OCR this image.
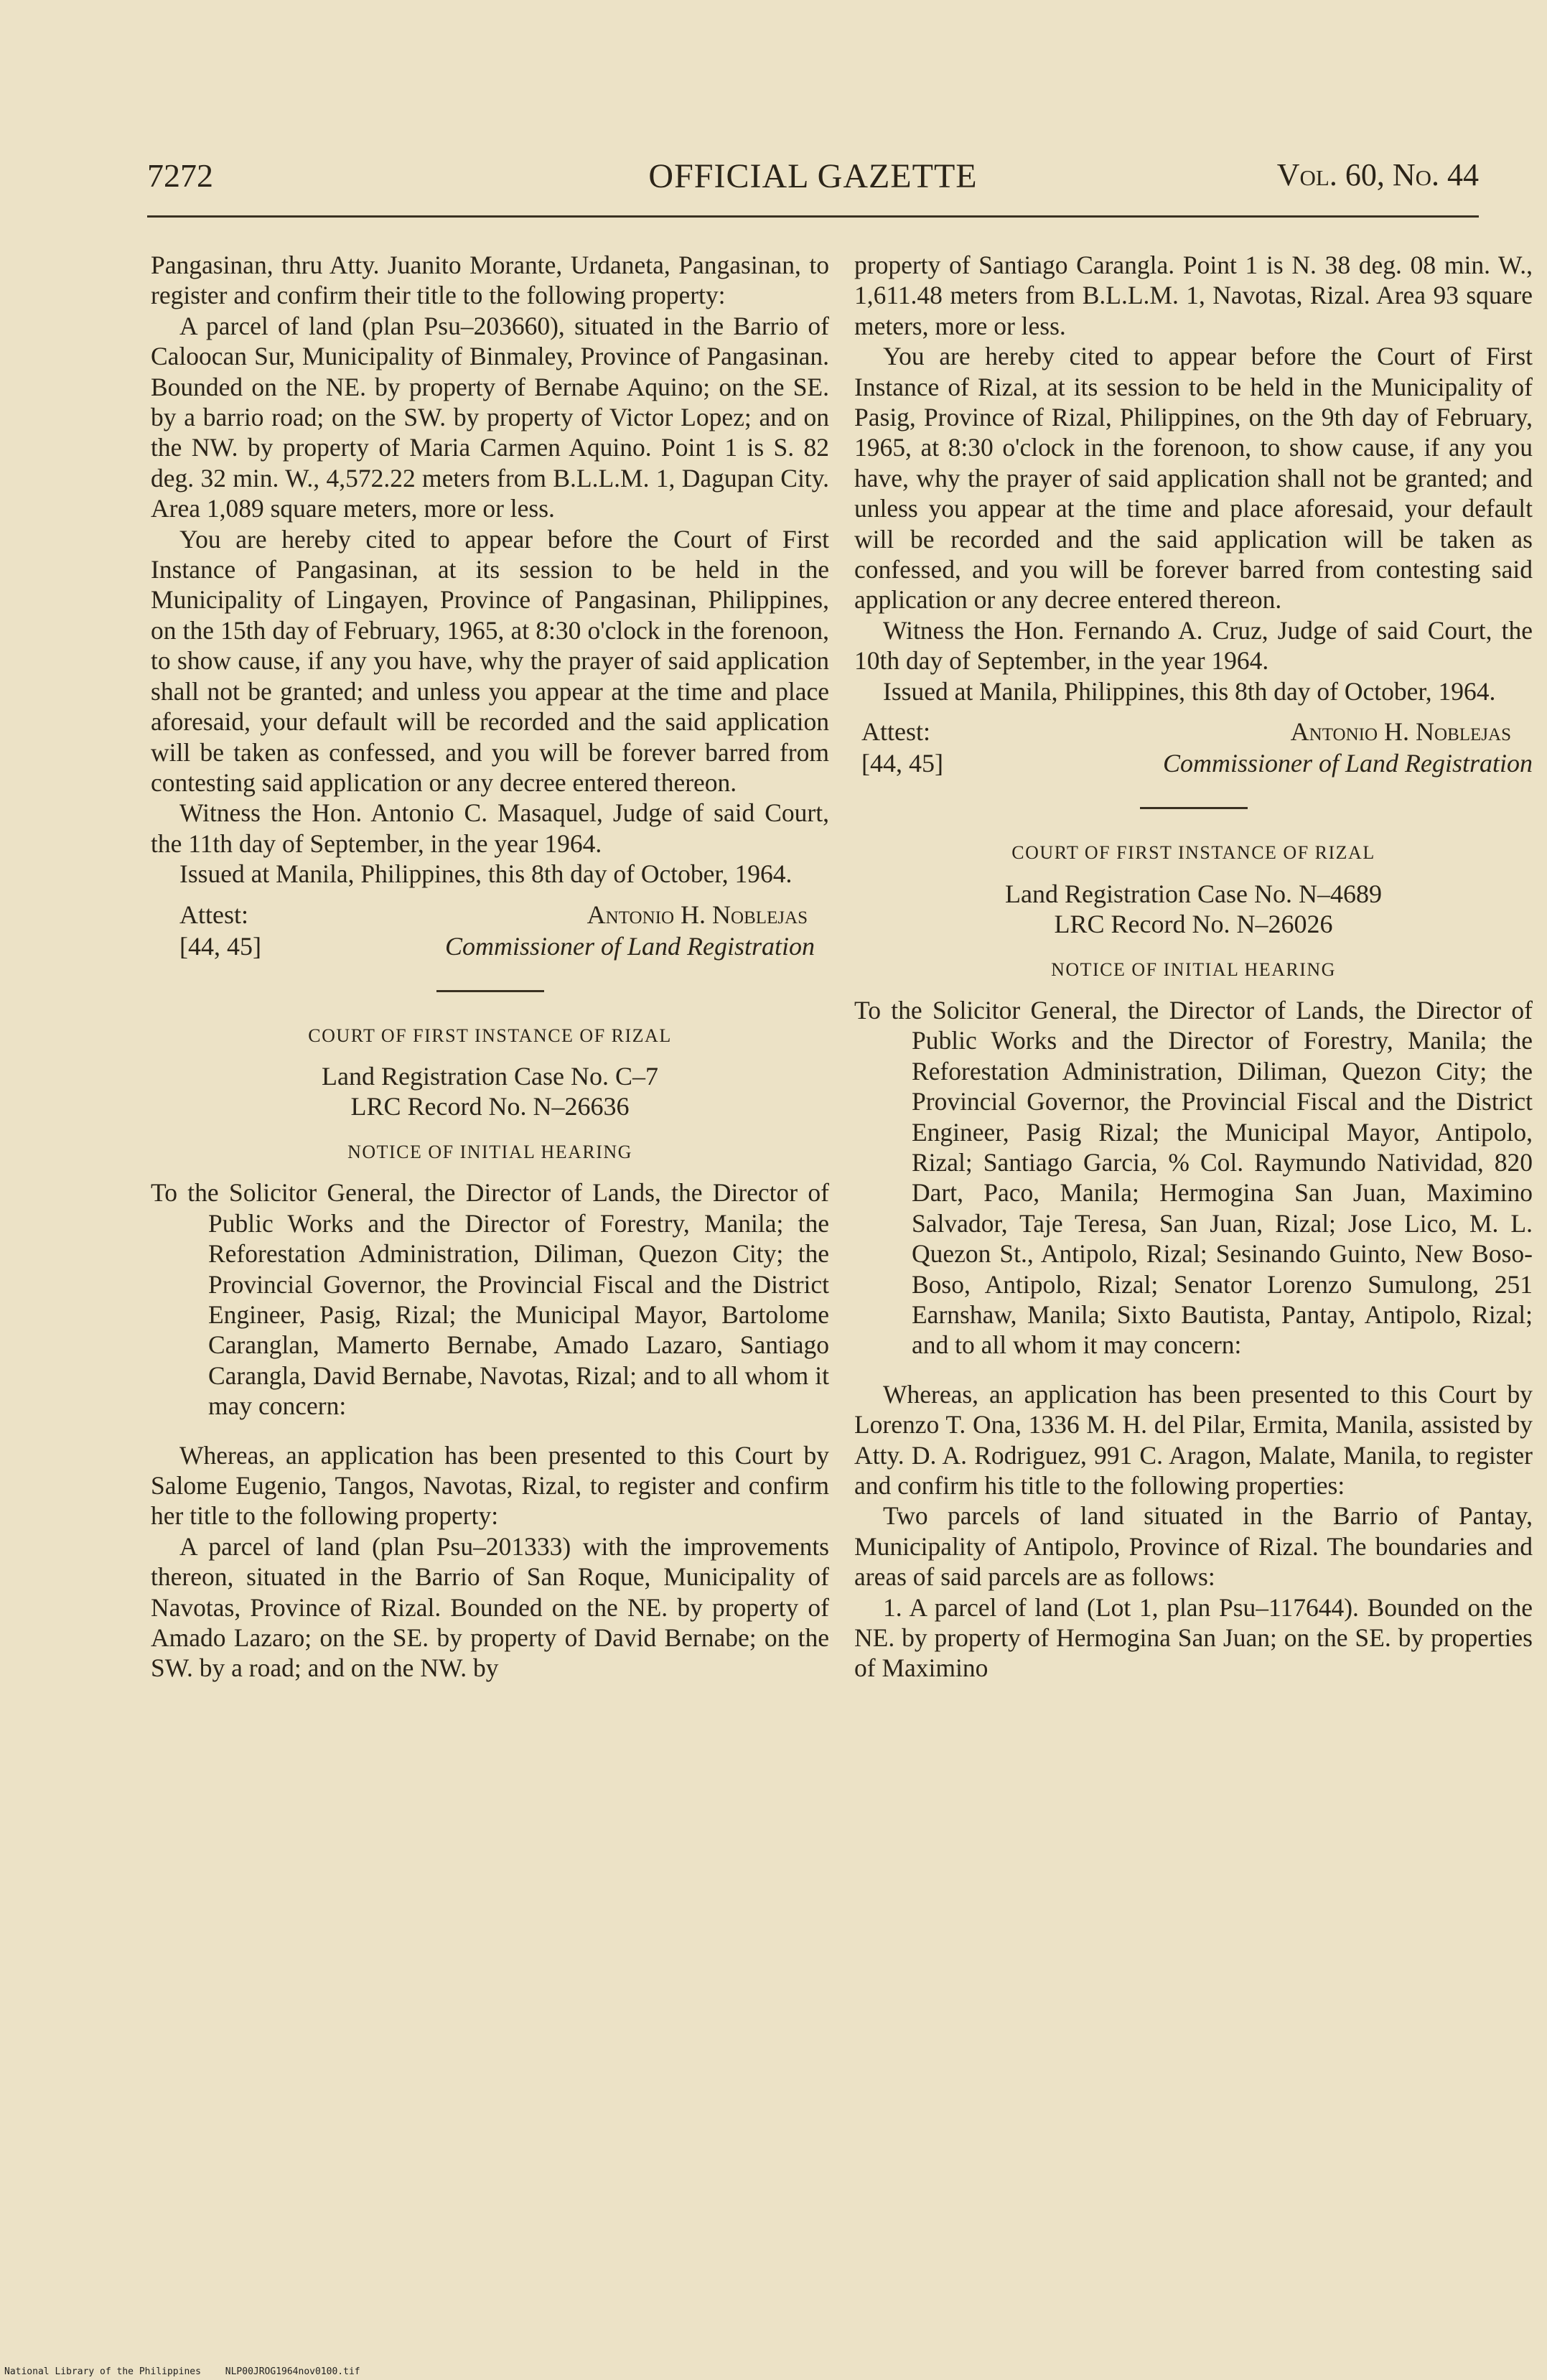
7272	OFFICIAL GAZETTE	Vol. 60, No. 44

Pangasinan, thru Atty. Juanito Morante, Urdaneta, Pangasinan, to register and confirm their title to the following property:

A parcel of land (plan Psu–203660), situated in the Barrio of Caloocan Sur, Municipality of Binmaley, Province of Pangasinan. Bounded on the NE. by property of Bernabe Aquino; on the SE. by a barrio road; on the SW. by property of Victor Lopez; and on the NW. by property of Maria Carmen Aquino. Point 1 is S. 82 deg. 32 min. W., 4,572.22 meters from B.L.L.M. 1, Dagupan City. Area 1,089 square meters, more or less.

You are hereby cited to appear before the Court of First Instance of Pangasinan, at its session to be held in the Municipality of Lingayen, Province of Pangasinan, Philippines, on the 15th day of February, 1965, at 8:30 o'clock in the forenoon, to show cause, if any you have, why the prayer of said application shall not be granted; and unless you appear at the time and place aforesaid, your default will be recorded and the said application will be taken as confessed, and you will be forever barred from contesting said application or any decree entered thereon.

Witness the Hon. Antonio C. Masaquel, Judge of said Court, the 11th day of September, in the year 1964.

Issued at Manila, Philippines, this 8th day of October, 1964.

Attest:
[44, 45]
Antonio H. Noblejas
Commissioner of Land Registration
COURT OF FIRST INSTANCE OF RIZAL
Land Registration Case No. C–7
LRC Record No. N–26636
NOTICE OF INITIAL HEARING

To the Solicitor General, the Director of Lands, the Director of Public Works and the Director of Forestry, Manila; the Reforestation Administration, Diliman, Quezon City; the Provincial Governor, the Provincial Fiscal and the District Engineer, Pasig, Rizal; the Municipal Mayor, Bartolome Caranglan, Mamerto Bernabe, Amado Lazaro, Santiago Carangla, David Bernabe, Navotas, Rizal; and to all whom it may concern:

Whereas, an application has been presented to this Court by Salome Eugenio, Tangos, Navotas, Rizal, to register and confirm her title to the following property:

A parcel of land (plan Psu–201333) with the improvements thereon, situated in the Barrio of San Roque, Municipality of Navotas, Province of Rizal. Bounded on the NE. by property of Amado Lazaro; on the SE. by property of David Bernabe; on the SW. by a road; and on the NW. by

property of Santiago Carangla. Point 1 is N. 38 deg. 08 min. W., 1,611.48 meters from B.L.L.M. 1, Navotas, Rizal. Area 93 square meters, more or less.

You are hereby cited to appear before the Court of First Instance of Rizal, at its session to be held in the Municipality of Pasig, Province of Rizal, Philippines, on the 9th day of February, 1965, at 8:30 o'clock in the forenoon, to show cause, if any you have, why the prayer of said application shall not be granted; and unless you appear at the time and place aforesaid, your default will be recorded and the said application will be taken as confessed, and you will be forever barred from contesting said application or any decree entered thereon.

Witness the Hon. Fernando A. Cruz, Judge of said Court, the 10th day of September, in the year 1964.

Issued at Manila, Philippines, this 8th day of October, 1964.

Attest:
[44, 45]
Antonio H. Noblejas
Commissioner of Land Registration
COURT OF FIRST INSTANCE OF RIZAL
Land Registration Case No. N–4689
LRC Record No. N–26026
NOTICE OF INITIAL HEARING

To the Solicitor General, the Director of Lands, the Director of Public Works and the Director of Forestry, Manila; the Reforestation Administration, Diliman, Quezon City; the Provincial Governor, the Provincial Fiscal and the District Engineer, Pasig Rizal; the Municipal Mayor, Antipolo, Rizal; Santiago Garcia, % Col. Raymundo Natividad, 820 Dart, Paco, Manila; Hermogina San Juan, Maximino Salvador, Taje Teresa, San Juan, Rizal; Jose Lico, M. L. Quezon St., Antipolo, Rizal; Sesinando Guinto, New Boso-Boso, Antipolo, Rizal; Senator Lorenzo Sumulong, 251 Earnshaw, Manila; Sixto Bautista, Pantay, Antipolo, Rizal; and to all whom it may concern:

Whereas, an application has been presented to this Court by Lorenzo T. Ona, 1336 M. H. del Pilar, Ermita, Manila, assisted by Atty. D. A. Rodriguez, 991 C. Aragon, Malate, Manila, to register and confirm his title to the following properties:

Two parcels of land situated in the Barrio of Pantay, Municipality of Antipolo, Province of Rizal. The boundaries and areas of said parcels are as follows:

1. A parcel of land (Lot 1, plan Psu–117644). Bounded on the NE. by property of Hermogina San Juan; on the SE. by properties of Maximino

National Library of the Philippines	NLP00JROG1964nov0100.tif
